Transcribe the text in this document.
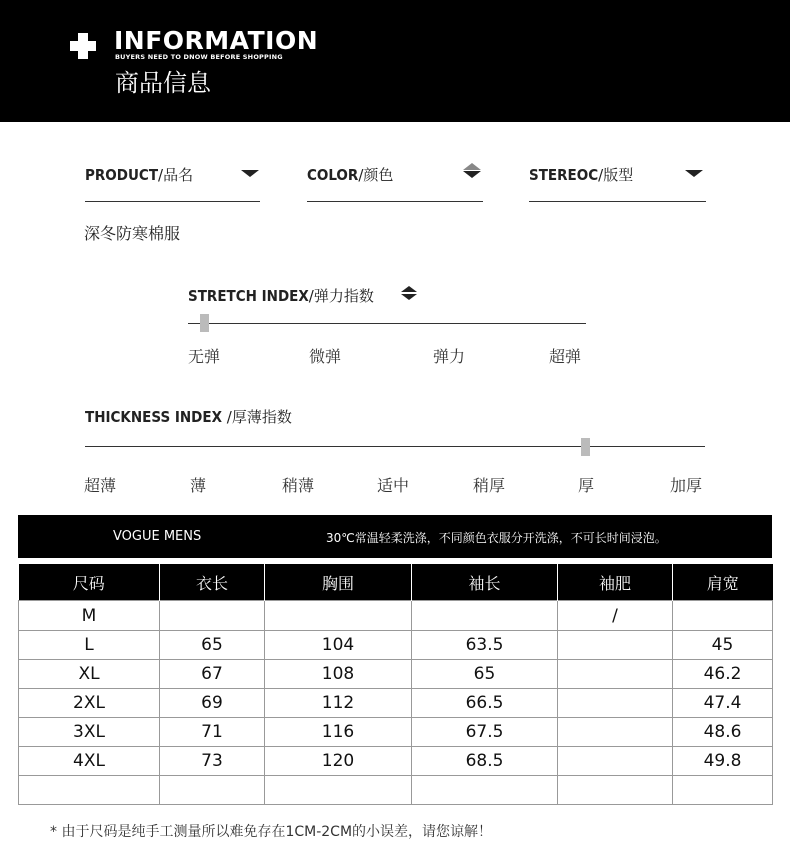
INFORMATION
BUYERS NEED TO DNOW BEFORE SHOPPING
商品信息
PRODUCT/品名
深冬防寒棉服
COLOR/颜色	STEREOC/版型
STRETCH INDEX/弹力指数
无弹	微弹	弹力	超弹
THICKNESS INDEX /厚薄指数
超薄	薄	稍薄	适中	稍厚	厚	加厚
VOGUE MENS	30℃常温轻柔洗涤，不同颜色衣服分开洗涤，不可长时间浸泡。
尺码	衣长	胸围	袖长	袖肥	肩宽
M				/	
L	65	104	63.5		45
XL	67	108	65		46.2
2XL	69	112	66.5		47.4
3XL	71	116	67.5		48.6
4XL	73	120	68.5		49.8

* 由于尺码是纯手工测量所以难免存在1CM-2CM的小误差，请您谅解！
